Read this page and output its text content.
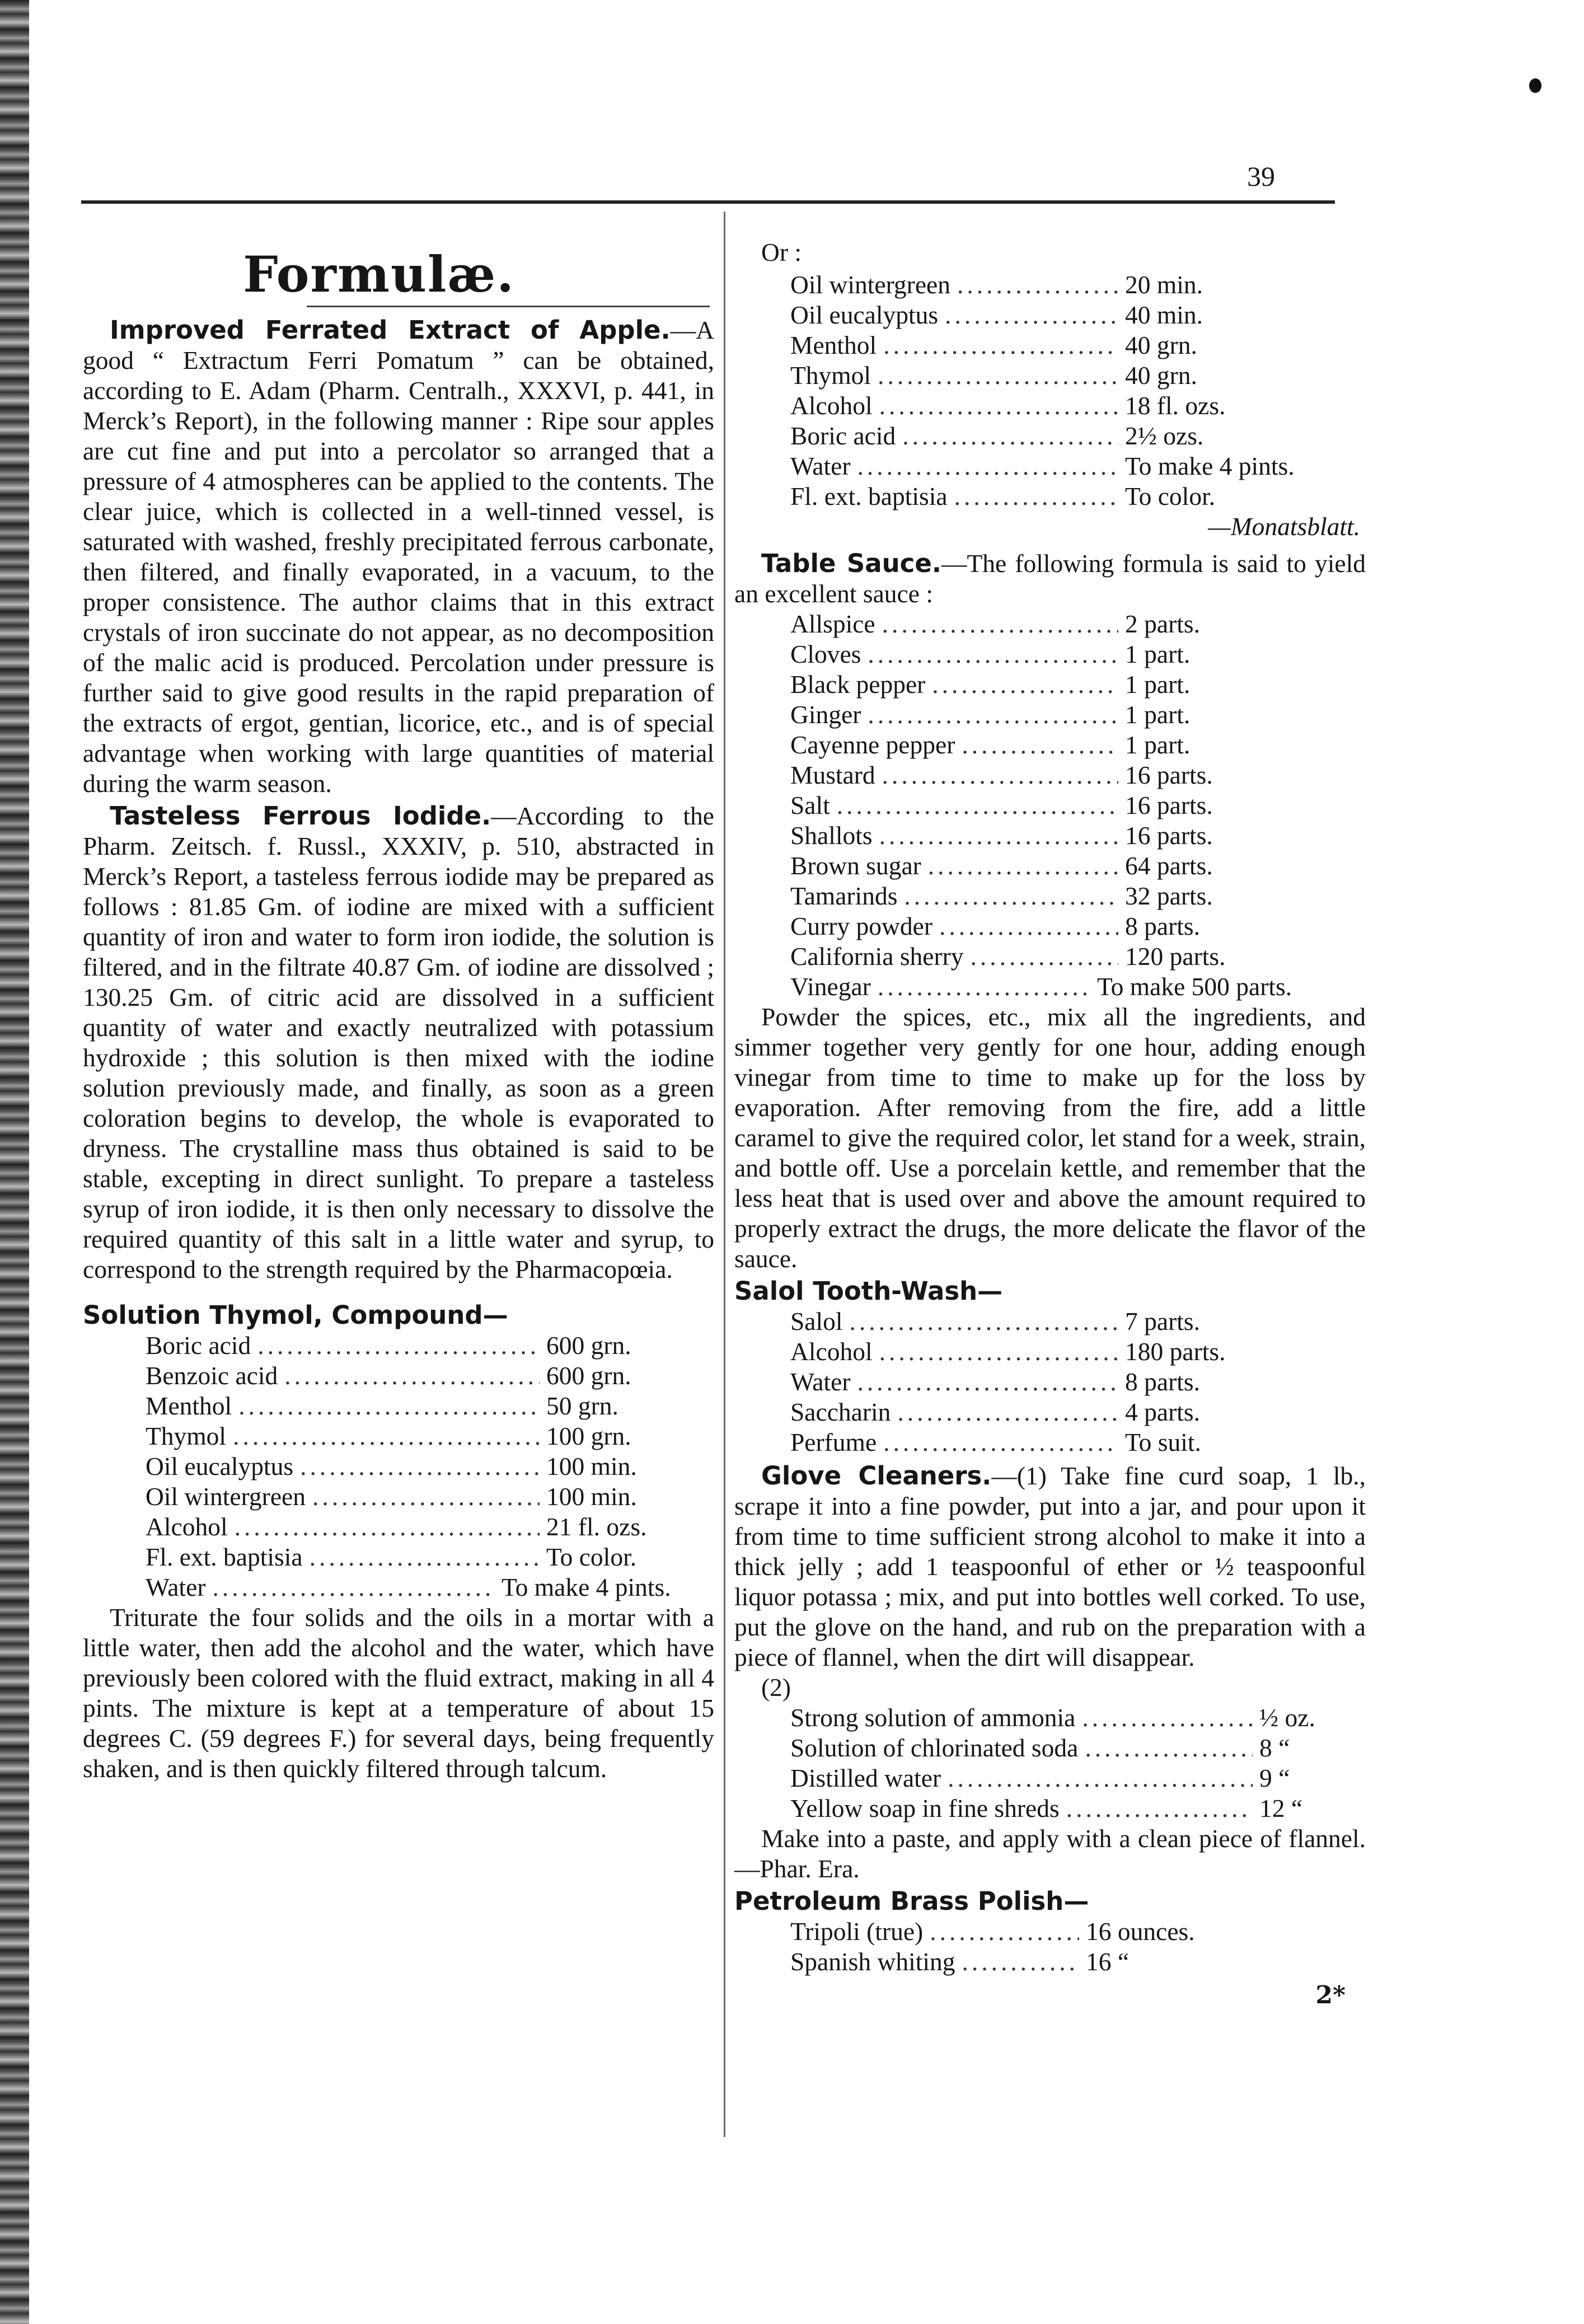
39
Formulæ.

Improved Ferrated Extract of Apple.—A good “ Extractum Ferri Pomatum ” can be obtained, according to E. Adam (Pharm. Centralh., XXXVI, p. 441, in Merck’s Report), in the following manner : Ripe sour apples are cut fine and put into a percolator so arranged that a pressure of 4 atmospheres can be applied to the contents. The clear juice, which is collected in a well-tinned vessel, is saturated with washed, freshly precipitated ferrous carbonate, then filtered, and finally evaporated, in a vacuum, to the proper consistence. The author claims that in this extract crystals of iron succinate do not appear, as no decomposition of the malic acid is produced. Percolation under pressure is further said to give good results in the rapid preparation of the extracts of ergot, gentian, licorice, etc., and is of special advantage when working with large quantities of material during the warm season.

Tasteless Ferrous Iodide.—According to the Pharm. Zeitsch. f. Russl., XXXIV, p. 510, abstracted in Merck’s Report, a tasteless ferrous iodide may be prepared as follows : 81.85 Gm. of iodine are mixed with a sufficient quantity of iron and water to form iron iodide, the solution is filtered, and in the filtrate 40.87 Gm. of iodine are dissolved ; 130.25 Gm. of citric acid are dissolved in a sufficient quantity of water and exactly neutralized with potassium hydroxide ; this solution is then mixed with the iodine solution previously made, and finally, as soon as a green coloration begins to develop, the whole is evaporated to dryness. The crystalline mass thus obtained is said to be stable, excepting in direct sunlight. To prepare a tasteless syrup of iron iodide, it is then only necessary to dissolve the required quantity of this salt in a little water and syrup, to correspond to the strength required by the Pharmacopœia.

Solution Thymol, Compound—
Boric acid .....	600 grn.
Benzoic acid .....	600 grn.
Menthol .....	50 grn.
Thymol .....	100 grn.
Oil eucalyptus .....	100 min.
Oil wintergreen .....	100 min.
Alcohol .....	21 fl. ozs.
Fl. ext. baptisia .....	To color.
Water .....	To make 4 pints.

Triturate the four solids and the oils in a mortar with a little water, then add the alcohol and the water, which have previously been colored with the fluid extract, making in all 4 pints. The mixture is kept at a temperature of about 15 degrees C. (59 degrees F.) for several days, being frequently shaken, and is then quickly filtered through talcum.

Or :
Oil wintergreen .....	20 min.
Oil eucalyptus .....	40 min.
Menthol .....	40 grn.
Thymol .....	40 grn.
Alcohol .....	18 fl. ozs.
Boric acid .....	2½ ozs.
Water .....	To make 4 pints.
Fl. ext. baptisia .....	To color.
—Monatsblatt.

Table Sauce.—The following formula is said to yield an excellent sauce :

Allspice .....	2 parts.
Cloves .....	1 part.
Black pepper .....	1 part.
Ginger .....	1 part.
Cayenne pepper .....	1 part.
Mustard .....	16 parts.
Salt .....	16 parts.
Shallots .....	16 parts.
Brown sugar .....	64 parts.
Tamarinds .....	32 parts.
Curry powder .....	8 parts.
California sherry .....	120 parts.
Vinegar .....	To make 500 parts.

Powder the spices, etc., mix all the ingredients, and simmer together very gently for one hour, adding enough vinegar from time to time to make up for the loss by evaporation. After removing from the fire, add a little caramel to give the required color, let stand for a week, strain, and bottle off. Use a porcelain kettle, and remember that the less heat that is used over and above the amount required to properly extract the drugs, the more delicate the flavor of the sauce.

Salol Tooth-Wash—
Salol .....	7 parts.
Alcohol .....	180 parts.
Water .....	8 parts.
Saccharin .....	4 parts.
Perfume .....	To suit.

Glove Cleaners.—(1) Take fine curd soap, 1 lb., scrape it into a fine powder, put into a jar, and pour upon it from time to time sufficient strong alcohol to make it into a thick jelly ; add 1 teaspoonful of ether or ½ teaspoonful liquor potassa ; mix, and put into bottles well corked. To use, put the glove on the hand, and rub on the preparation with a piece of flannel, when the dirt will disappear.

(2)
Strong solution of ammonia .....	½ oz.
Solution of chlorinated soda .....	8 “
Distilled water .....	9 “
Yellow soap in fine shreds .....	12 “

Make into a paste, and apply with a clean piece of flannel.—Phar. Era.

Petroleum Brass Polish—
Tripoli (true) .....	16 ounces.
Spanish whiting .....	16 “
2*
